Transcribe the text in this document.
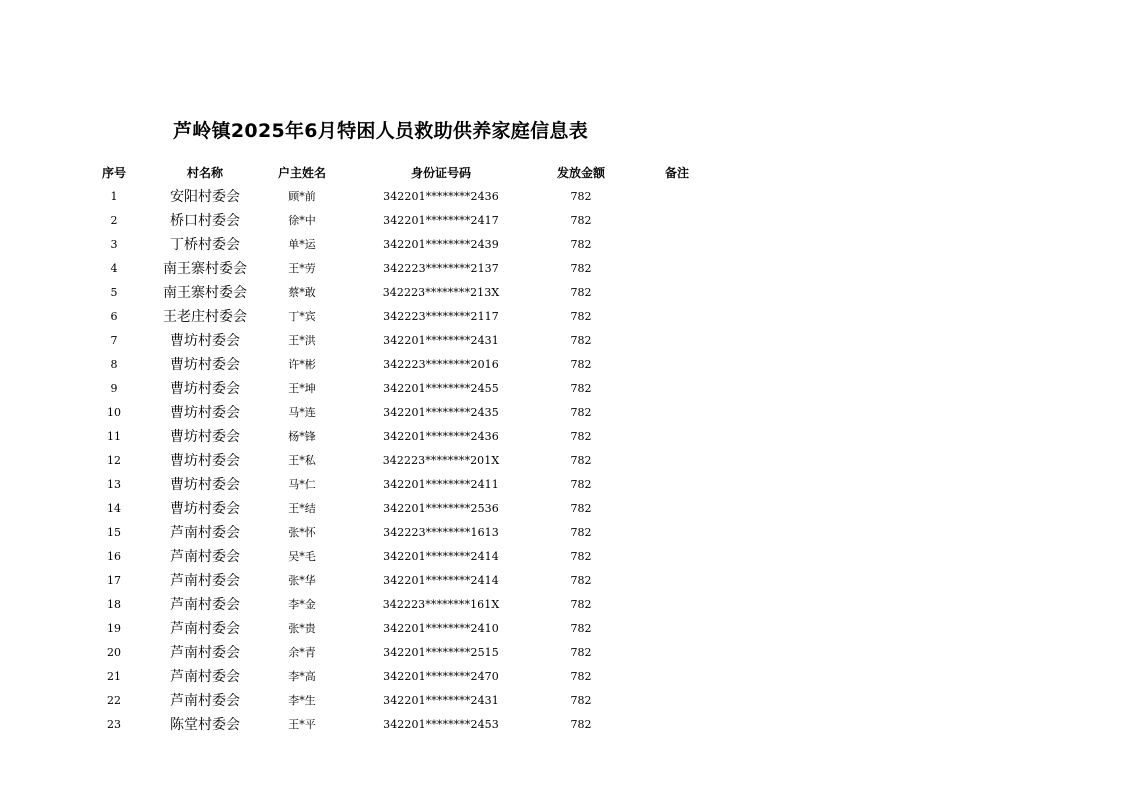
芦岭镇2025年6月特困人员救助供养家庭信息表
序号	村名称	户主姓名	身份证号码	发放金额	备注
1	安阳村委会	顾*前	342201********2436	782	
2	桥口村委会	徐*中	342201********2417	782	
3	丁桥村委会	单*运	342201********2439	782	
4	南王寨村委会	王*劳	342223********2137	782	
5	南王寨村委会	蔡*敢	342223********213X	782	
6	王老庄村委会	丁*宾	342223********2117	782	
7	曹坊村委会	王*洪	342201********2431	782	
8	曹坊村委会	许*彬	342223********2016	782	
9	曹坊村委会	王*坤	342201********2455	782	
10	曹坊村委会	马*连	342201********2435	782	
11	曹坊村委会	杨*锋	342201********2436	782	
12	曹坊村委会	王*私	342223********201X	782	
13	曹坊村委会	马*仁	342201********2411	782	
14	曹坊村委会	王*结	342201********2536	782	
15	芦南村委会	张*怀	342223********1613	782	
16	芦南村委会	吴*毛	342201********2414	782	
17	芦南村委会	张*华	342201********2414	782	
18	芦南村委会	李*金	342223********161X	782	
19	芦南村委会	张*贵	342201********2410	782	
20	芦南村委会	余*青	342201********2515	782	
21	芦南村委会	李*高	342201********2470	782	
22	芦南村委会	李*生	342201********2431	782	
23	陈堂村委会	王*平	342201********2453	782	
